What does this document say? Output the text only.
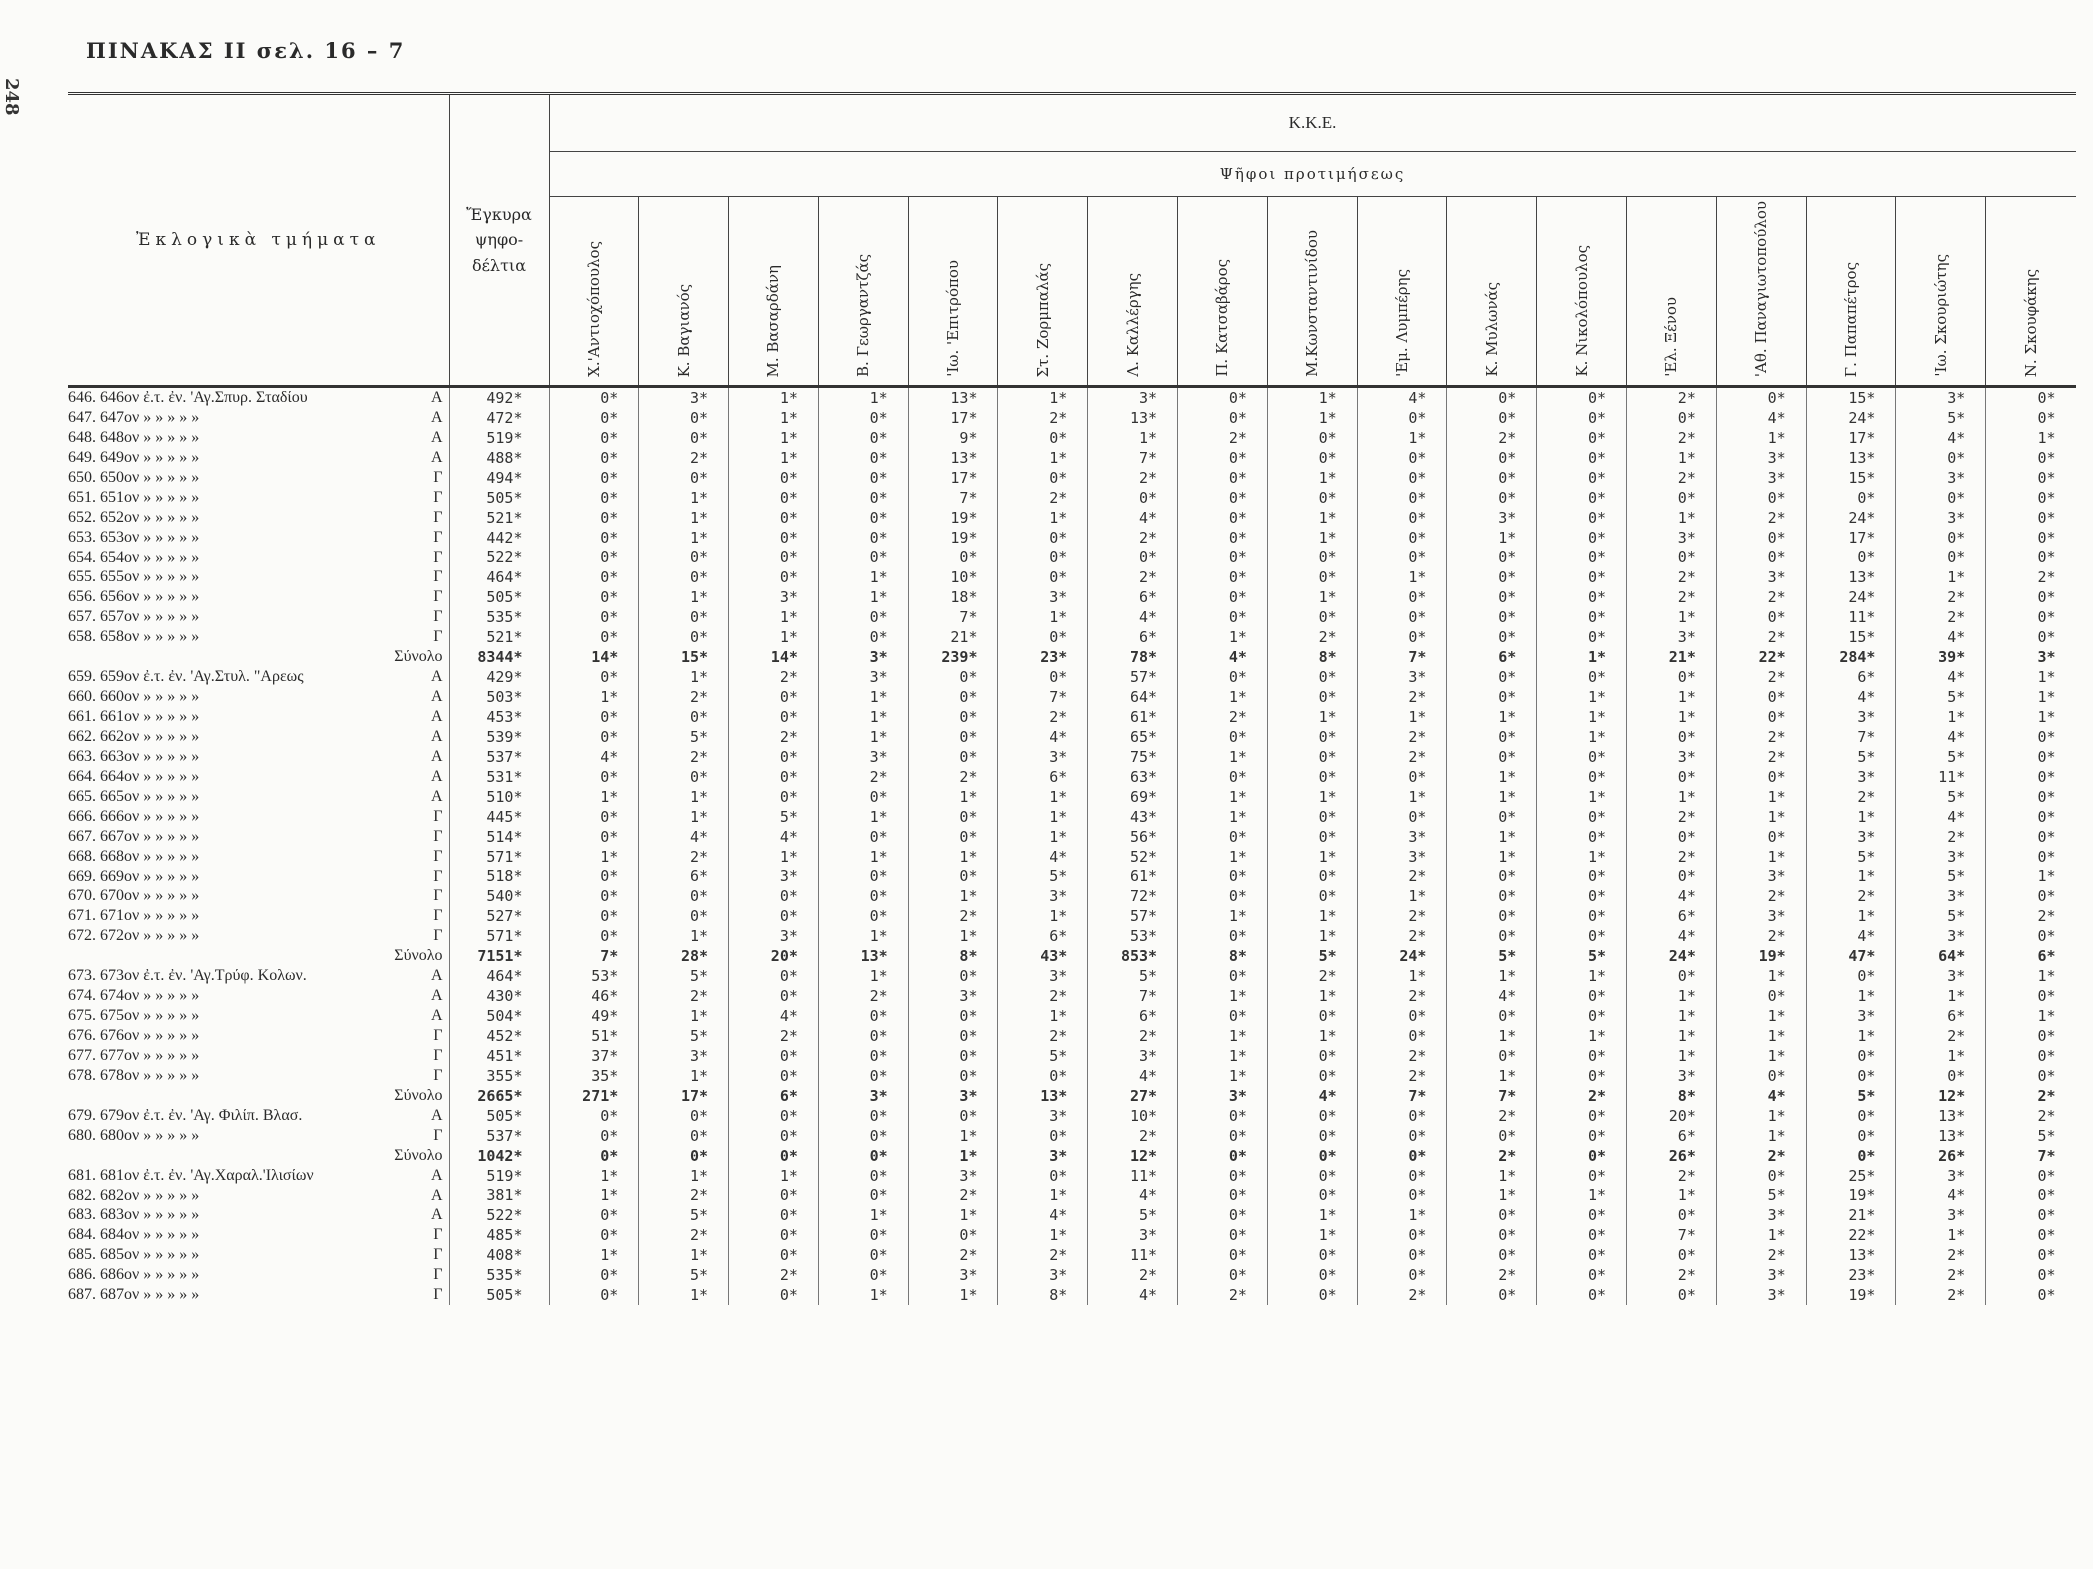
248
ΠΙΝΑΚΑΣ ΙΙ σελ. 16 – 7
Ἐκλογικὰ τμήματα	Ἔγκυρα ψηφο-δέλτια	Κ.Κ.Ε.																
		Ψῆφοι προτιμήσεως																

		Χ.'Αντιοχόπουλος	Κ. Βαγιανός	Μ. Βασαρδάνη	Β. Γεωργαντζάς	'Ιω. 'Επιτρόπου	Στ. Ζορμπαλάς	Λ. Καλλέργης	Π. Κατσαβάρος	Μ.Κωνσταντινίδου	'Εμ. Λυμπέρης	Κ. Μυλωνάς	Κ. Νικολόπουλος	'Ελ. Ξένου	'Αθ. Παναγιωτοπούλου	Γ. Παπαπέτρος	'Ιω. Σκουριώτης	Ν. Σκουφάκης

646. 646ον ἐ.τ. ἐν. 'Αγ.Σπυρ. Σταδίου Α	492*	0*	3*	1*	1*	13*	1*	3*	0*	1*	4*	0*	0*	2*	0*	15*	3*	0*

647. 647ον » » » » » Α	472*	0*	0*	1*	0*	17*	2*	13*	0*	1*	0*	0*	0*	0*	4*	24*	5*	0*

648. 648ον » » » » » Α	519*	0*	0*	1*	0*	9*	0*	1*	2*	0*	1*	2*	0*	2*	1*	17*	4*	1*

649. 649ον » » » » » Α	488*	0*	2*	1*	0*	13*	1*	7*	0*	0*	0*	0*	0*	1*	3*	13*	0*	0*

650. 650ον » » » » » Γ	494*	0*	0*	0*	0*	17*	0*	2*	0*	1*	0*	0*	0*	2*	3*	15*	3*	0*

651. 651ον » » » » » Γ	505*	0*	1*	0*	0*	7*	2*	0*	0*	0*	0*	0*	0*	0*	0*	0*	0*	0*

652. 652ον » » » » » Γ	521*	0*	1*	0*	0*	19*	1*	4*	0*	1*	0*	3*	0*	1*	2*	24*	3*	0*

653. 653ον » » » » » Γ	442*	0*	1*	0*	0*	19*	0*	2*	0*	1*	0*	1*	0*	3*	0*	17*	0*	0*

654. 654ον » » » » » Γ	522*	0*	0*	0*	0*	0*	0*	0*	0*	0*	0*	0*	0*	0*	0*	0*	0*	0*

655. 655ον » » » » » Γ	464*	0*	0*	0*	1*	10*	0*	2*	0*	0*	1*	0*	0*	2*	3*	13*	1*	2*

656. 656ον » » » » » Γ	505*	0*	1*	3*	1*	18*	3*	6*	0*	1*	0*	0*	0*	2*	2*	24*	2*	0*

657. 657ον » » » » » Γ	535*	0*	0*	1*	0*	7*	1*	4*	0*	0*	0*	0*	0*	1*	0*	11*	2*	0*

658. 658ον » » » » » Γ	521*	0*	0*	1*	0*	21*	0*	6*	1*	2*	0*	0*	0*	3*	2*	15*	4*	0*
Σύνολο	8344*	14*	15*	14*	3*	239*	23*	78*	4*	8*	7*	6*	1*	21*	22*	284*	39*	3*

659. 659ον ἐ.τ. ἐν. 'Αγ.Στυλ. "Αρεως Α	429*	0*	1*	2*	3*	0*	0*	57*	0*	0*	3*	0*	0*	0*	2*	6*	4*	1*

660. 660ον » » » » » Α	503*	1*	2*	0*	1*	0*	7*	64*	1*	0*	2*	0*	1*	1*	0*	4*	5*	1*

661. 661ον » » » » » Α	453*	0*	0*	0*	1*	0*	2*	61*	2*	1*	1*	1*	1*	1*	0*	3*	1*	1*

662. 662ον » » » » » Α	539*	0*	5*	2*	1*	0*	4*	65*	0*	0*	2*	0*	1*	0*	2*	7*	4*	0*

663. 663ον » » » » » Α	537*	4*	2*	0*	3*	0*	3*	75*	1*	0*	2*	0*	0*	3*	2*	5*	5*	0*

664. 664ον » » » » » Α	531*	0*	0*	0*	2*	2*	6*	63*	0*	0*	0*	1*	0*	0*	0*	3*	11*	0*

665. 665ον » » » » » Α	510*	1*	1*	0*	0*	1*	1*	69*	1*	1*	1*	1*	1*	1*	1*	2*	5*	0*

666. 666ον » » » » » Γ	445*	0*	1*	5*	1*	0*	1*	43*	1*	0*	0*	0*	0*	2*	1*	1*	4*	0*

667. 667ον » » » » » Γ	514*	0*	4*	4*	0*	0*	1*	56*	0*	0*	3*	1*	0*	0*	0*	3*	2*	0*

668. 668ον » » » » » Γ	571*	1*	2*	1*	1*	1*	4*	52*	1*	1*	3*	1*	1*	2*	1*	5*	3*	0*

669. 669ον » » » » » Γ	518*	0*	6*	3*	0*	0*	5*	61*	0*	0*	2*	0*	0*	0*	3*	1*	5*	1*

670. 670ον » » » » » Γ	540*	0*	0*	0*	0*	1*	3*	72*	0*	0*	1*	0*	0*	4*	2*	2*	3*	0*

671. 671ον » » » » » Γ	527*	0*	0*	0*	0*	2*	1*	57*	1*	1*	2*	0*	0*	6*	3*	1*	5*	2*

672. 672ον » » » » » Γ	571*	0*	1*	3*	1*	1*	6*	53*	0*	1*	2*	0*	0*	4*	2*	4*	3*	0*
Σύνολο	7151*	7*	28*	20*	13*	8*	43*	853*	8*	5*	24*	5*	5*	24*	19*	47*	64*	6*

673. 673ον ἐ.τ. ἐν. 'Αγ.Τρύφ. Κολων. Α	464*	53*	5*	0*	1*	0*	3*	5*	0*	2*	1*	1*	1*	0*	1*	0*	3*	1*

674. 674ον » » » » » Α	430*	46*	2*	0*	2*	3*	2*	7*	1*	1*	2*	4*	0*	1*	0*	1*	1*	0*

675. 675ον » » » » » Α	504*	49*	1*	4*	0*	0*	1*	6*	0*	0*	0*	0*	0*	1*	1*	3*	6*	1*

676. 676ον » » » » » Γ	452*	51*	5*	2*	0*	0*	2*	2*	1*	1*	0*	1*	1*	1*	1*	1*	2*	0*

677. 677ον » » » » » Γ	451*	37*	3*	0*	0*	0*	5*	3*	1*	0*	2*	0*	0*	1*	1*	0*	1*	0*

678. 678ον » » » » » Γ	355*	35*	1*	0*	0*	0*	0*	4*	1*	0*	2*	1*	0*	3*	0*	0*	0*	0*
Σύνολο	2665*	271*	17*	6*	3*	3*	13*	27*	3*	4*	7*	7*	2*	8*	4*	5*	12*	2*

679. 679ον ἐ.τ. ἐν. 'Αγ. Φιλίπ. Βλασ. Α	505*	0*	0*	0*	0*	0*	3*	10*	0*	0*	0*	2*	0*	20*	1*	0*	13*	2*

680. 680ον » » » » » Γ	537*	0*	0*	0*	0*	1*	0*	2*	0*	0*	0*	0*	0*	6*	1*	0*	13*	5*
Σύνολο	1042*	0*	0*	0*	0*	1*	3*	12*	0*	0*	0*	2*	0*	26*	2*	0*	26*	7*

681. 681ον ἐ.τ. ἐν. 'Αγ.Χαραλ.'Ιλισίων Α	519*	1*	1*	1*	0*	3*	0*	11*	0*	0*	0*	1*	0*	2*	0*	25*	3*	0*

682. 682ον » » » » » Α	381*	1*	2*	0*	0*	2*	1*	4*	0*	0*	0*	1*	1*	1*	5*	19*	4*	0*

683. 683ον » » » » » Α	522*	0*	5*	0*	1*	1*	4*	5*	0*	1*	1*	0*	0*	0*	3*	21*	3*	0*

684. 684ον » » » » » Γ	485*	0*	2*	0*	0*	0*	1*	3*	0*	1*	0*	0*	0*	7*	1*	22*	1*	0*

685. 685ον » » » » » Γ	408*	1*	1*	0*	0*	2*	2*	11*	0*	0*	0*	0*	0*	0*	2*	13*	2*	0*

686. 686ον » » » » » Γ	535*	0*	5*	2*	0*	3*	3*	2*	0*	0*	0*	2*	0*	2*	3*	23*	2*	0*

687. 687ον » » » » » Γ	505*	0*	1*	0*	1*	1*	8*	4*	2*	0*	2*	0*	0*	0*	3*	19*	2*	0*
